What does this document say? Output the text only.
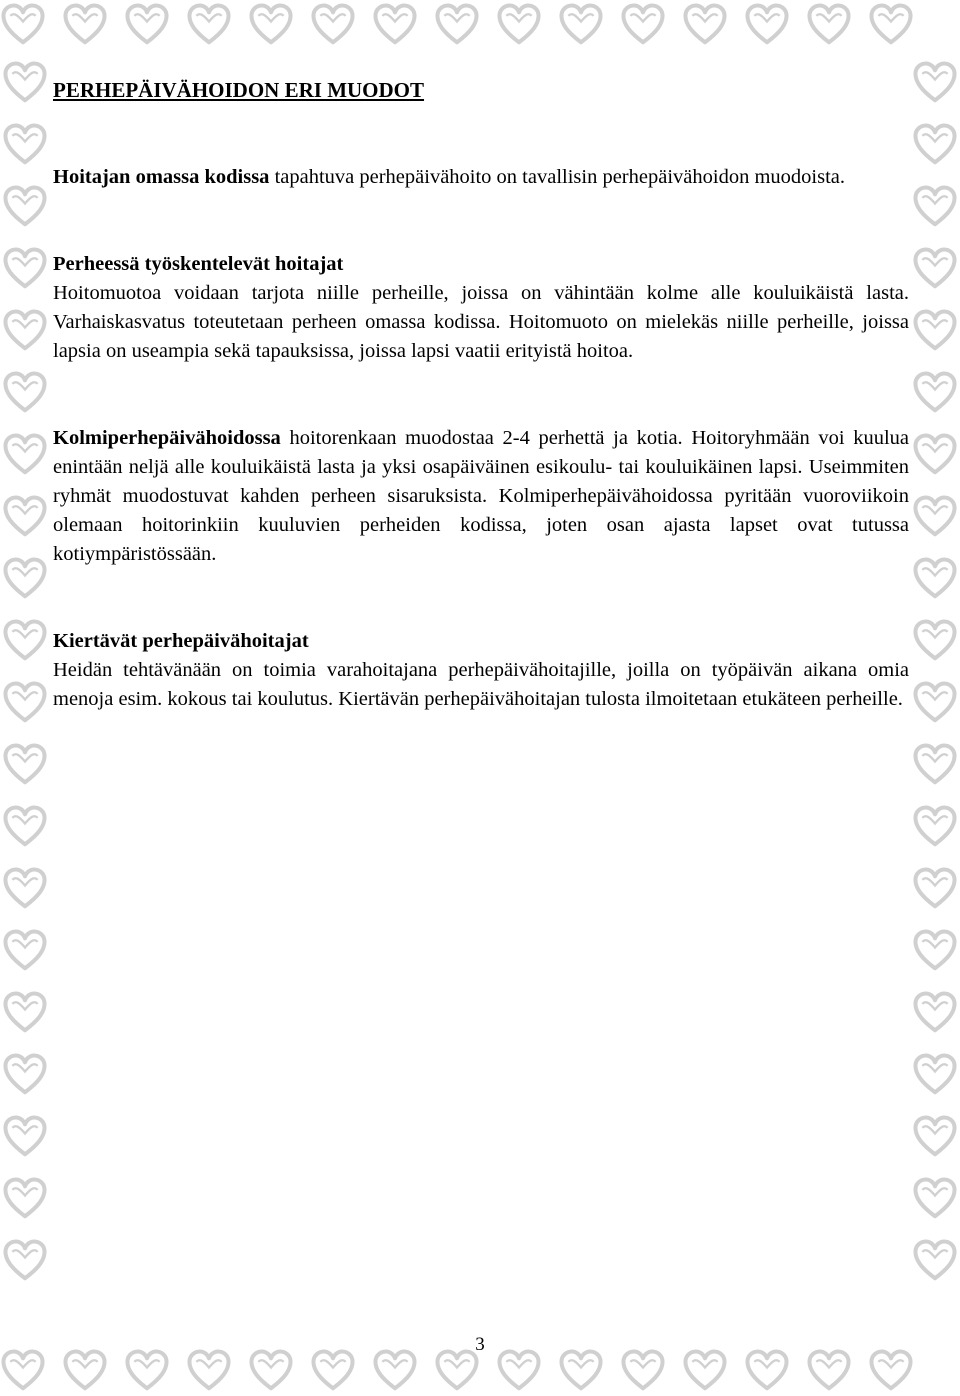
PERHEPÄIVÄHOIDON ERI MUODOT

Hoitajan omassa kodissa tapahtuva perhepäivähoito on tavallisin perhepäivähoidon muodoista.

Perheessä työskentelevät hoitajat

Hoitomuotoa voidaan tarjota niille perheille, joissa on vähintään kolme alle kouluikäistä lasta. Varhaiskasvatus toteutetaan perheen omassa kodissa. Hoitomuoto on mielekäs niille perheille, joissa lapsia on useampia sekä tapauksissa, joissa lapsi vaatii erityistä hoitoa.

Kolmiperhepäivähoidossa hoitorenkaan muodostaa 2-4 perhettä ja kotia. Hoitoryhmään voi kuulua enintään neljä alle kouluikäistä lasta ja yksi osapäiväinen esikoulu- tai kouluikäinen lapsi. Useimmiten ryhmät muodostuvat kahden perheen sisaruksista. Kolmiperhepäivähoidossa pyritään vuoroviikoin olemaan hoitorinkiin kuuluvien perheiden kodissa, joten osan ajasta lapset ovat tutussa kotiympäristössään.

Kiertävät perhepäivähoitajat

Heidän tehtävänään on toimia varahoitajana perhepäivähoitajille, joilla on työpäivän aikana omia menoja esim. kokous tai koulutus. Kiertävän perhepäivähoitajan tulosta ilmoitetaan etukäteen perheille.

3
